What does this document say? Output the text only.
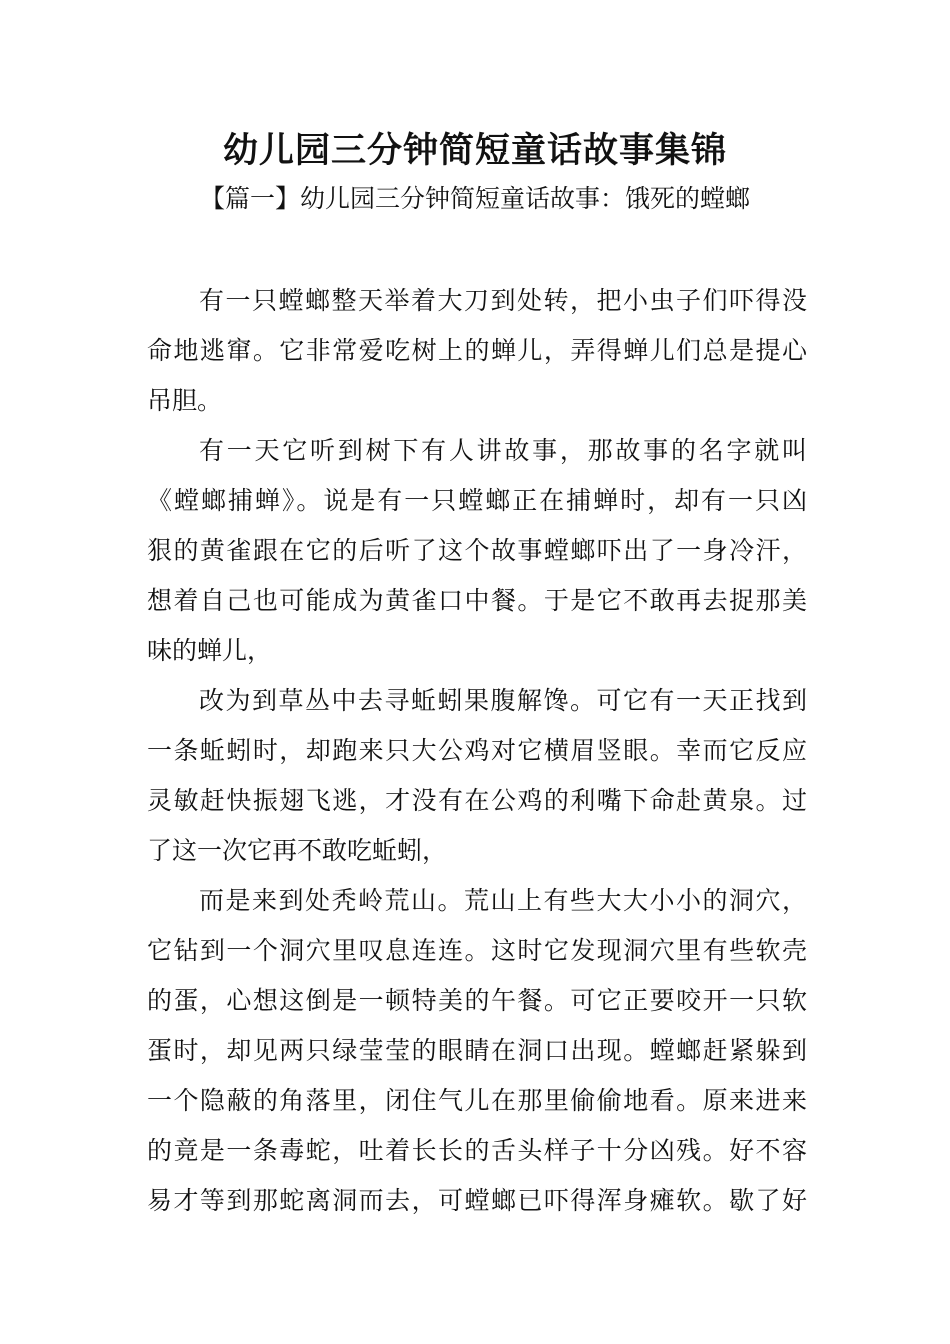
幼儿园三分钟简短童话故事集锦
【篇一】幼儿园三分钟简短童话故事：饿死的螳螂
有一只螳螂整天举着大刀到处转，把小虫子们吓得没
命地逃窜。它非常爱吃树上的蝉儿，弄得蝉儿们总是提心
吊胆。
有一天它听到树下有人讲故事，那故事的名字就叫
《螳螂捕蝉》。说是有一只螳螂正在捕蝉时，却有一只凶
狠的黄雀跟在它的后听了这个故事螳螂吓出了一身冷汗，
想着自己也可能成为黄雀口中餐。于是它不敢再去捉那美
味的蝉儿，
改为到草丛中去寻蚯蚓果腹解馋。可它有一天正找到
一条蚯蚓时，却跑来只大公鸡对它横眉竖眼。幸而它反应
灵敏赶快振翅飞逃，才没有在公鸡的利嘴下命赴黄泉。过
了这一次它再不敢吃蚯蚓，
而是来到处秃岭荒山。荒山上有些大大小小的洞穴，
它钻到一个洞穴里叹息连连。这时它发现洞穴里有些软壳
的蛋，心想这倒是一顿特美的午餐。可它正要咬开一只软
蛋时，却见两只绿莹莹的眼睛在洞口出现。螳螂赶紧躲到
一个隐蔽的角落里，闭住气儿在那里偷偷地看。原来进来
的竟是一条毒蛇，吐着长长的舌头样子十分凶残。好不容
易才等到那蛇离洞而去，可螳螂已吓得浑身瘫软。歇了好
